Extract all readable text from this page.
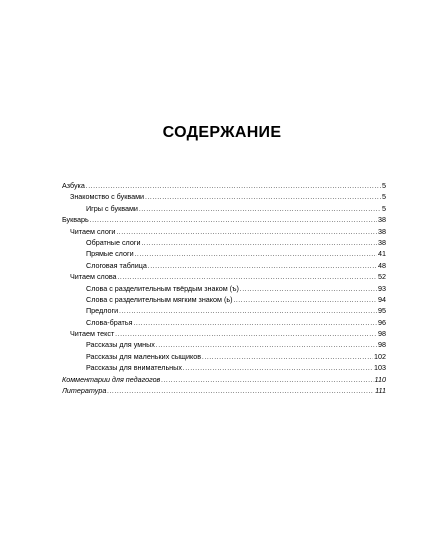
СОДЕРЖАНИЕ
Азбука .....	5
Знакомство с буквами .....	5
Игры с буквами .....	5
Букварь .....	38
Читаем слоги .....	38
Обратные слоги .....	38
Прямые слоги .....	41
Слоговая таблица .....	48
Читаем слова .....	52
Слова с разделительным твёрдым знаком (ъ) .....	93
Слова с разделительным мягким знаком (ь) .....	94
Предлоги .....	95
Слова-братья .....	96
Читаем текст .....	98
Рассказы для умных .....	98
Рассказы для маленьких сыщиков .....	102
Рассказы для внимательных .....	103
Комментарии для педагогов .....	110
Литература .....	111
